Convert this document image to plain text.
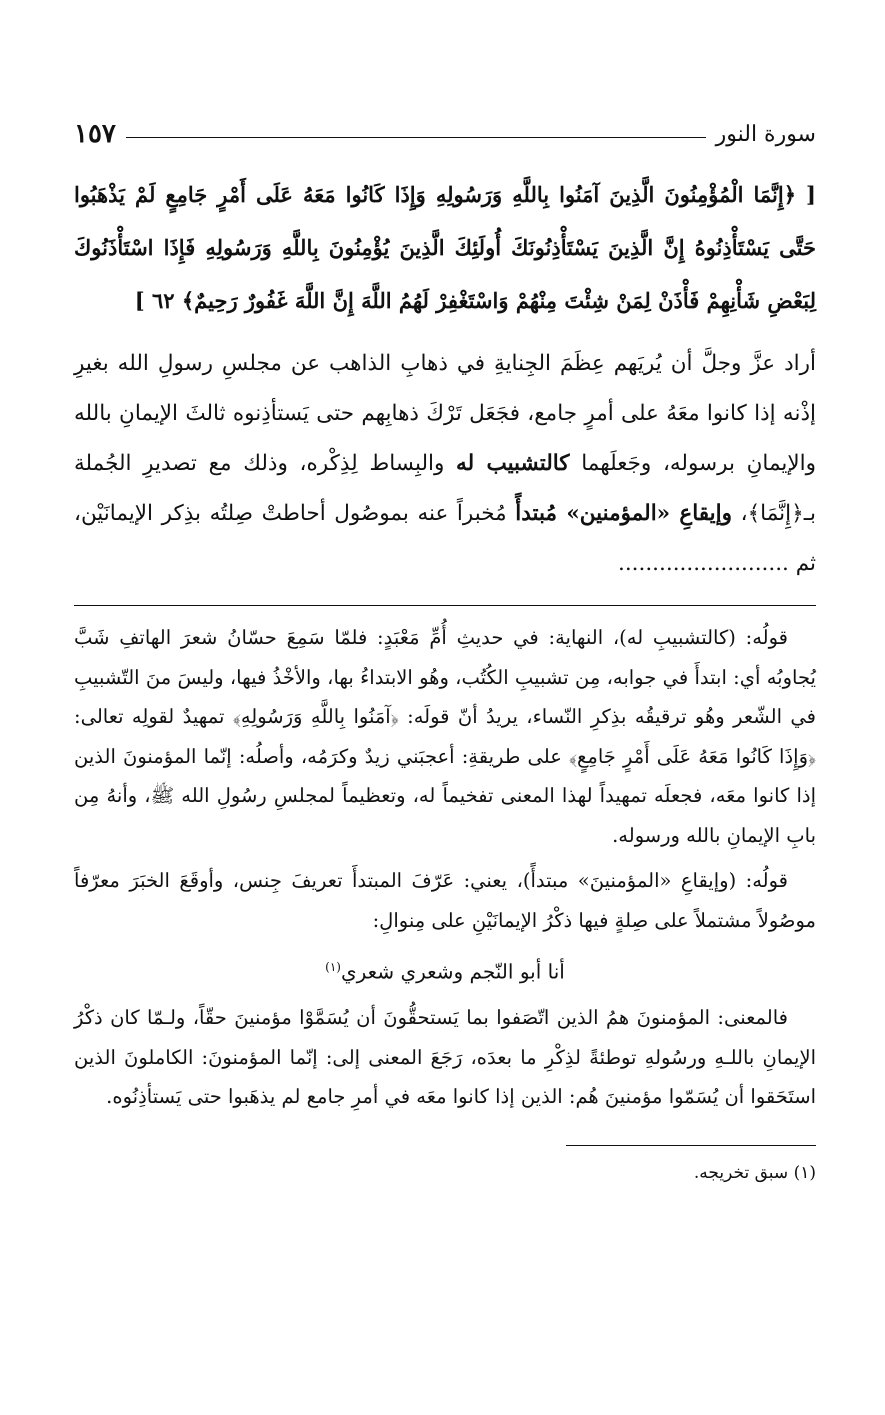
سورة النور
١٥٧
[ ﴿إِنَّمَا الْمُؤْمِنُونَ الَّذِينَ آمَنُوا بِاللَّهِ وَرَسُولِهِ وَإِذَا كَانُوا مَعَهُ عَلَى أَمْرٍ جَامِعٍ لَمْ يَذْهَبُوا حَتَّى يَسْتَأْذِنُوهُ إِنَّ الَّذِينَ يَسْتَأْذِنُونَكَ أُولَئِكَ الَّذِينَ يُؤْمِنُونَ بِاللَّهِ وَرَسُولِهِ فَإِذَا اسْتَأْذَنُوكَ لِبَعْضِ شَأْنِهِمْ فَأْذَنْ لِمَنْ شِئْتَ مِنْهُمْ وَاسْتَغْفِرْ لَهُمُ اللَّهَ إِنَّ اللَّهَ غَفُورٌ رَحِيمٌ﴾ ٦٢ ]
أراد عزَّ وجلَّ أن يُريَهم عِظَمَ الجِنايةِ في ذهابِ الذاهب عن مجلسِ رسولِ الله بغيرِ إذْنه إذا كانوا معَهُ على أمرٍ جامع، فجَعَل تَرْكَ ذهابِهم حتى يَستأذِنوه ثالثَ الإيمانِ بالله والإيمانِ برسوله، وجَعلَهما كالتشبيب له والبِساط لِذِكْره، وذلك مع تصديرِ الجُملة بـ﴿إِنَّمَا﴾، وإيقاعِ «المؤمنين» مُبتدأً مُخبراً عنه بموصُول أحاطتْ صِلتُه بذِكر الإيمانَيْن، ثم .........................

قولُه: (كالتشبيبِ له)، النهاية: في حديثِ أُمِّ مَعْبَدٍ: فلمّا سَمِعَ حسّانُ شعرَ الهاتفِ شَبَّ يُجاوبُه أي: ابتدأَ في جوابه، مِن تشبيبِ الكُتُب، وهُو الابتداءُ بها، والأخْذُ فيها، وليسَ منَ التّشبيبِ في الشّعر وهُو ترقيقُه بذِكرِ النّساء، يريدُ أنّ قولَه: ﴿آمَنُوا بِاللَّهِ وَرَسُولِهِ﴾ تمهيدٌ لقولِه تعالى: ﴿وَإِذَا كَانُوا مَعَهُ عَلَى أَمْرٍ جَامِعٍ﴾ على طريقةِ: أعجبَني زيدٌ وكرَمُه، وأصلُه: إنّما المؤمنونَ الذين إذا كانوا معَه، فجعلَه تمهيداً لهذا المعنى تفخيماً له، وتعظيماً لمجلسِ رسُولِ الله ﷺ، وأنهُ مِن بابِ الإيمانِ بالله ورسوله.

قولُه: (وإيقاعِ «المؤمنينَ» مبتدأً)، يعني: عَرّفَ المبتدأَ تعريفَ جِنس، وأوقَعَ الخبَرَ معرّفاً موصُولاً مشتملاً على صِلةٍ فيها ذكْرُ الإيمانَيْنِ على مِنوالِ:

أنا أبو النّجم وشعري شعري$^{(١)}$

فالمعنى: المؤمنونَ همُ الذين اتّصَفوا بما يَستحقُّونَ أن يُسَمَّوْا مؤمنينَ حقّاً، ولـمّا كان ذكْرُ الإيمانِ باللـهِ ورسُولهِ توطئةً لذِكْرِ ما بعدَه، رَجَعَ المعنى إلى: إنّما المؤمنونَ: الكاملونَ الذين استَحَقوا أن يُسَمّوا مؤمنينَ هُم: الذين إذا كانوا معَه في أمرِ جامع لم يذهَبوا حتى يَستأذِنُوه.

(١) سبق تخريجه.
